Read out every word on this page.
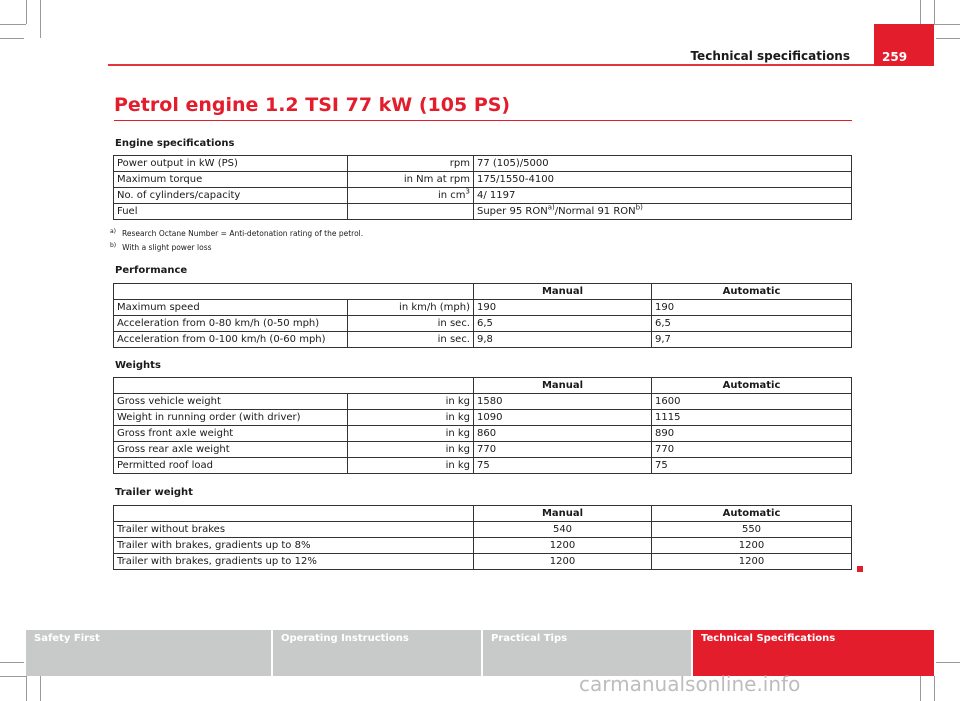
Technical specifications	259
Petrol engine 1.2 TSI 77 kW (105 PS)
Engine specifications
Power output in kW (PS)	rpm	77 (105)/5000
Maximum torque	in Nm at rpm	175/1550-4100
No. of cylinders/capacity	in $cm^3$	4/ 1197
Fuel		Super 95 RON$^{a)}$/Normal 91 RON$^{b)}$
$^{a)}$ Research Octane Number = Anti-detonation rating of the petrol.
$^{b)}$ With a slight power loss
Performance
		Manual	Automatic
Maximum speed	in km/h (mph)	190	190
Acceleration from 0-80 km/h (0-50 mph)	in sec.	6,5	6,5
Acceleration from 0-100 km/h (0-60 mph)	in sec.	9,8	9,7
Weights
		Manual	Automatic
Gross vehicle weight	in kg	1580	1600
Weight in running order (with driver)	in kg	1090	1115
Gross front axle weight	in kg	860	890
Gross rear axle weight	in kg	770	770
Permitted roof load	in kg	75	75
Trailer weight
	Manual	Automatic
Trailer without brakes	540	550
Trailer with brakes, gradients up to 8%	1200	1200
Trailer with brakes, gradients up to 12%	1200	1200
Safety First	Operating Instructions	Practical Tips	Technical Specifications
carmanualsonline.info
